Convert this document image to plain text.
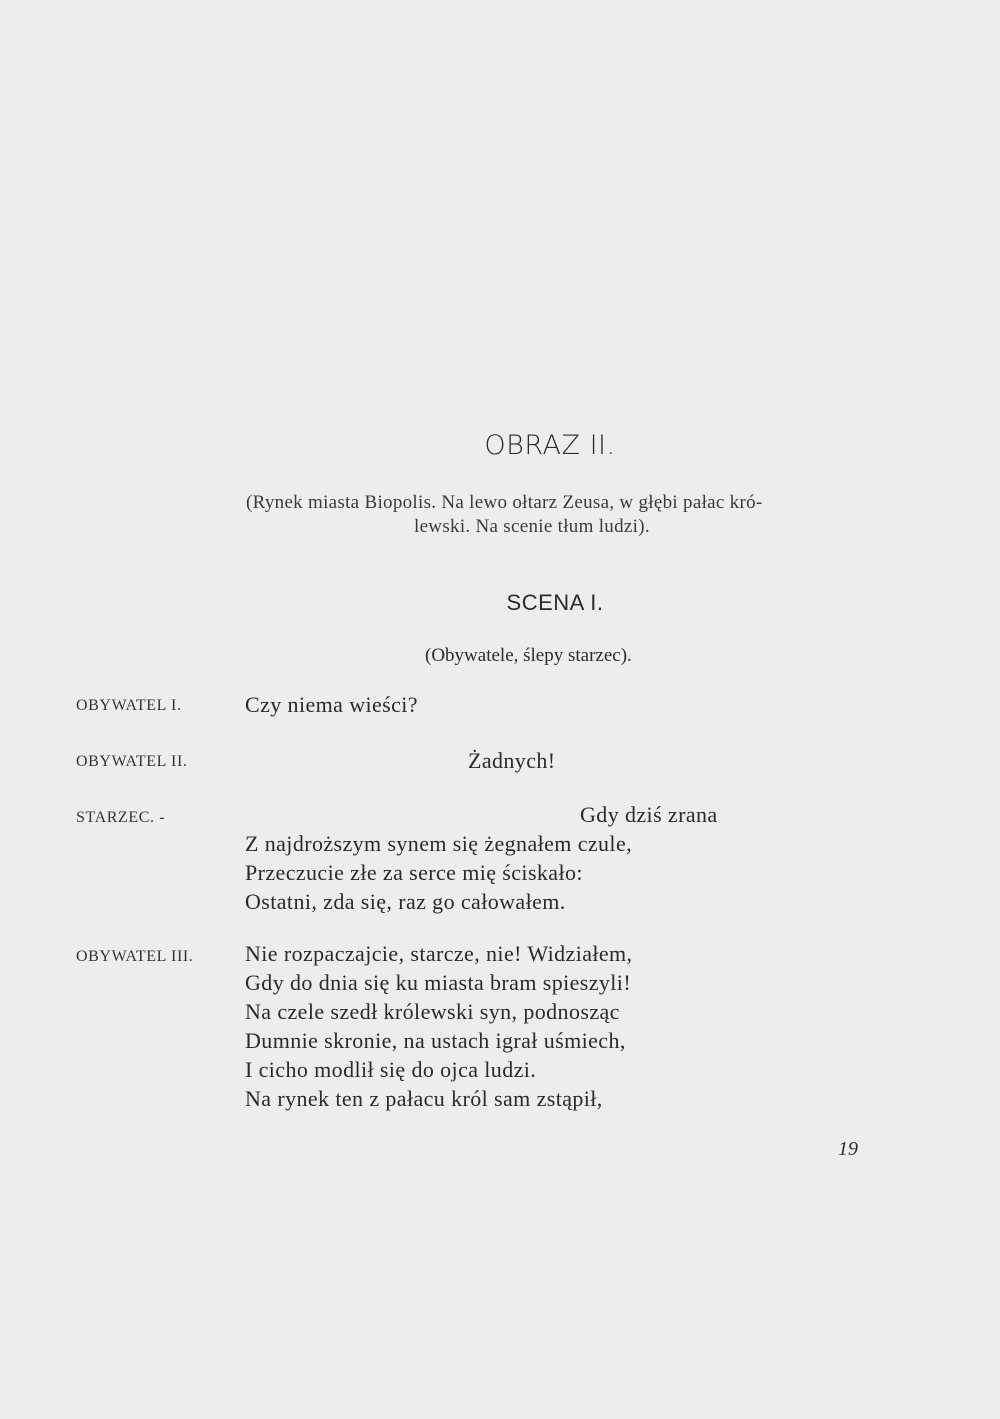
OBRAZ II.
(Rynek miasta Biopolis. Na lewo ołtarz Zeusa, w głębi pałac kró-
lewski. Na scenie tłum ludzi).
SCENA I.
(Obywatele, ślepy starzec).
OBYWATEL I.	Czy niema wieści?
OBYWATEL II.	Żadnych!
STARZEC. -	Gdy dziś zrana
Z najdroższym synem się żegnałem czule,
Przeczucie złe za serce mię ściskało:
Ostatni, zda się, raz go całowałem.
OBYWATEL III. Nie rozpaczajcie, starcze, nie! Widziałem,
Gdy do dnia się ku miasta bram spieszyli!
Na czele szedł królewski syn, podnosząc
Dumnie skronie, na ustach igrał uśmiech,
I cicho modlił się do ojca ludzi.
Na rynek ten z pałacu król sam zstąpił,
19
